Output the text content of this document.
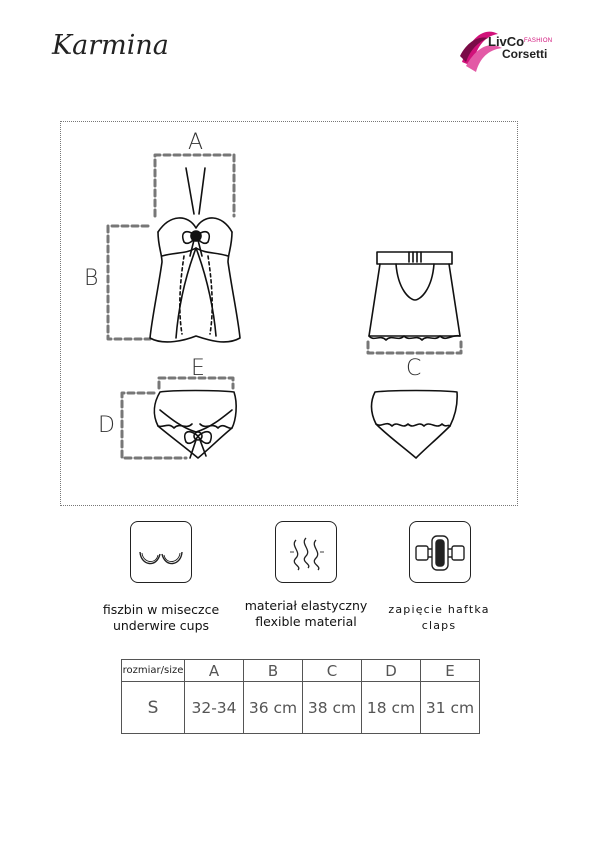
Karmina	LivCo FASHION
Corsetti
A
B
C
D
E
fiszbin w miseczce
underwire cups
materiał elastyczny
flexible material
zapięcie haftka
claps
rozmiar/size	A	B	C	D	E
S	32-34	36 cm	38 cm	18 cm	31 cm
